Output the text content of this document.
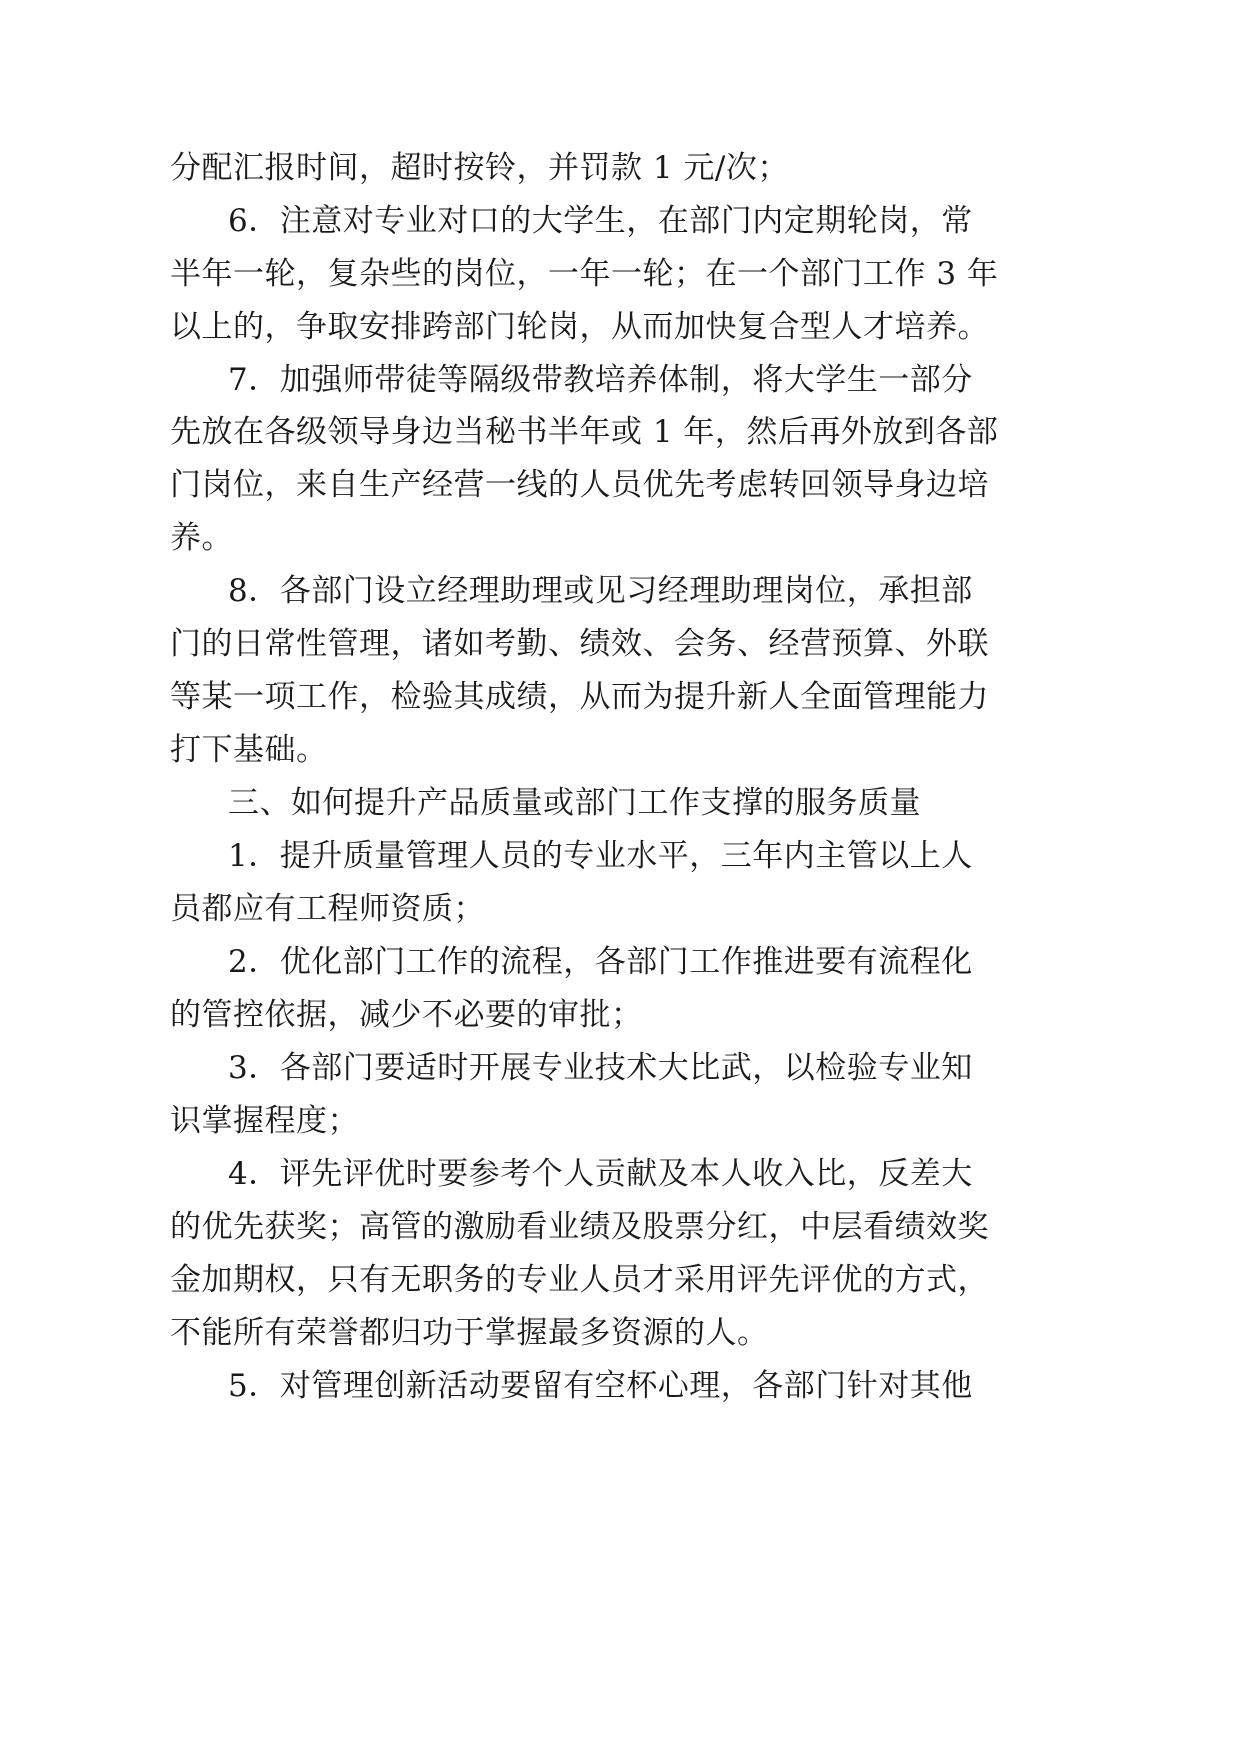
分配汇报时间，超时按铃，并罚款 1 元/次；
6．注意对专业对口的大学生，在部门内定期轮岗，常
半年一轮，复杂些的岗位，一年一轮；在一个部门工作 3 年
以上的，争取安排跨部门轮岗，从而加快复合型人才培养。
7．加强师带徒等隔级带教培养体制，将大学生一部分
先放在各级领导身边当秘书半年或 1 年，然后再外放到各部
门岗位，来自生产经营一线的人员优先考虑转回领导身边培
养。
8．各部门设立经理助理或见习经理助理岗位，承担部
门的日常性管理，诸如考勤、绩效、会务、经营预算、外联
等某一项工作，检验其成绩，从而为提升新人全面管理能力
打下基础。
三、如何提升产品质量或部门工作支撑的服务质量
1．提升质量管理人员的专业水平，三年内主管以上人
员都应有工程师资质；
2．优化部门工作的流程，各部门工作推进要有流程化
的管控依据，减少不必要的审批；
3．各部门要适时开展专业技术大比武，以检验专业知
识掌握程度；
4．评先评优时要参考个人贡献及本人收入比，反差大
的优先获奖；高管的激励看业绩及股票分红，中层看绩效奖
金加期权，只有无职务的专业人员才采用评先评优的方式，
不能所有荣誉都归功于掌握最多资源的人。
5．对管理创新活动要留有空杯心理，各部门针对其他
